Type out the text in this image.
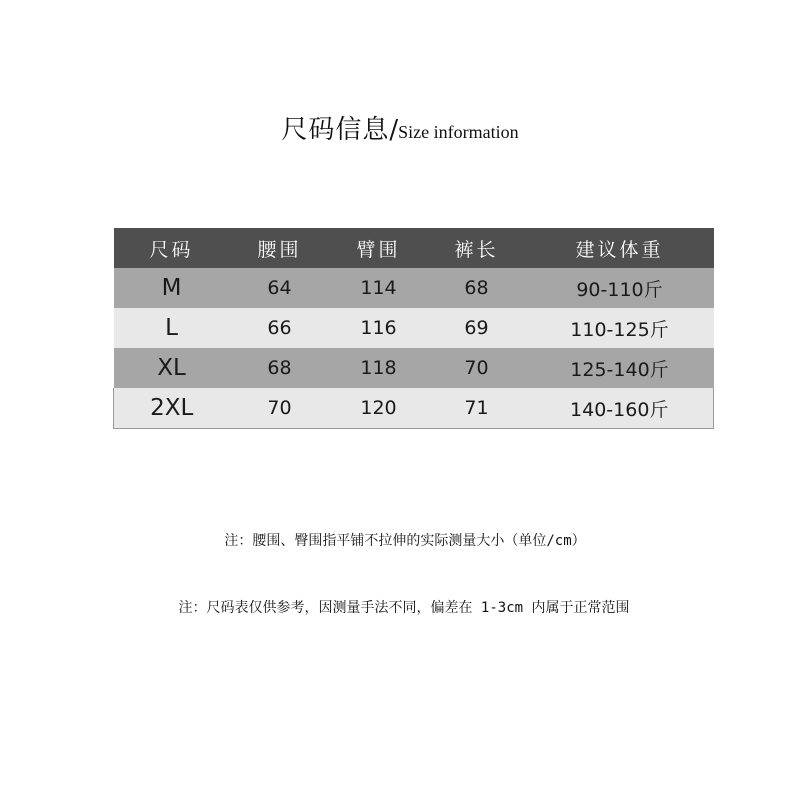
尺码信息/Size information
尺码	腰围	臂围	裤长	建议体重
M	64	114	68	90-110斤
L	66	116	69	110-125斤
XL	68	118	70	125-140斤
2XL	70	120	71	140-160斤
注：腰围、臀围指平铺不拉伸的实际测量大小（单位/cm）
注：尺码表仅供参考，因测量手法不同，偏差在 1-3cm 内属于正常范围
